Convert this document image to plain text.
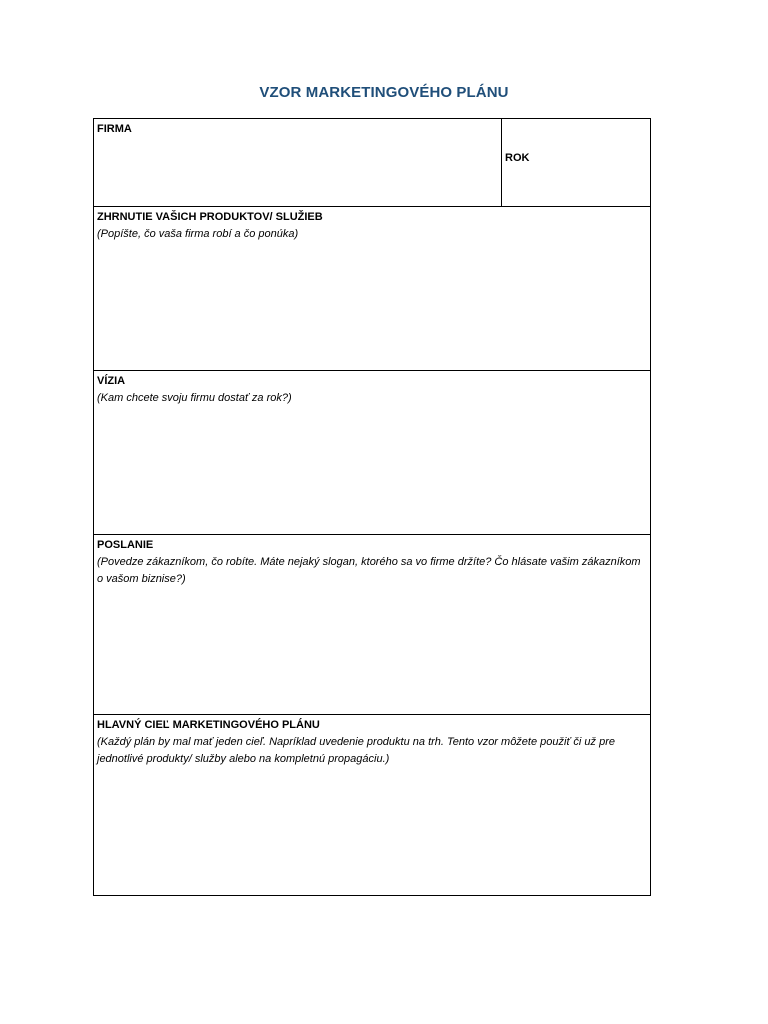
VZOR MARKETINGOVÉHO PLÁNU
FIRMA

ROK

ZHRNUTIE VAŠICH PRODUKTOV/ SLUŽIEB
(Popíšte, čo vaša firma robí a čo ponúka)

VÍZIA
(Kam chcete svoju firmu dostať za rok?)

POSLANIE
(Povedze zákazníkom, čo robíte. Máte nejaký slogan, ktorého sa vo firme držíte? Čo hlásate vašim zákazníkom o vašom biznise?)

HLAVNÝ CIEĽ MARKETINGOVÉHO PLÁNU
(Každý plán by mal mať jeden cieľ. Napríklad uvedenie produktu na trh. Tento vzor môžete použiť či už pre jednotlivé produkty/ služby alebo na kompletnú propagáciu.)
